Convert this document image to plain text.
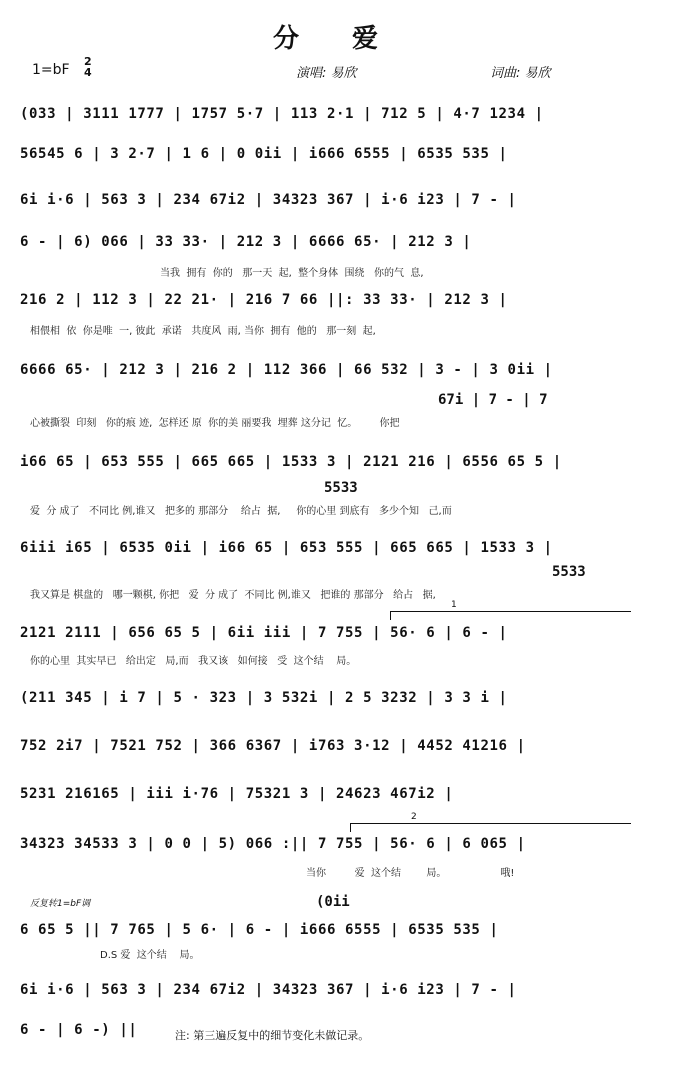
分 爱
1=bF
2
4	演唱: 易欣	词曲: 易欣
(033 | 3111 1777 | 1757 5·7 | 113 2·1 | 712 5 | 4·7 1234 |
56545 6 | 3 2·7 | 1 6 | 0 0ii | i666 6555 | 6535 535 |
6i i·6 | 563 3 | 234 67i2 | 34323 367 | i·6 i23 | 7 - |
6 - | 6) 066 | 33 33· | 212 3 | 6666 65· | 212 3 |
当我  拥有  你的   那一天  起,  整个身体  围绕   你的气  息,
216 2 | 112 3 | 22 21· | 216 7 66 ||: 33 33· | 212 3 |
相偎相  依  你是唯  一, 彼此  承诺   共度风  雨, 当你  拥有  他的   那一刻  起,
6666 65· | 212 3 | 216 2 | 112 366 | 66 532 | 3 - | 3 0ii |
67i | 7 - | 7
心被撕裂  印刻   你的痕 迹,  怎样还 原  你的美 丽要我  埋葬 这分记  忆。       你把
i66 65 | 653 555 | 665 665 | 1533 3 | 2121 216 | 6556 65 5 |
5533
爱  分 成了   不同比 例,谁又   把多的 那部分    给占  据,     你的心里 到底有   多少个知   己,而
6iii i65 | 6535 0ii | i66 65 | 653 555 | 665 665 | 1533 3 |
5533
我又算是 棋盘的   哪一颗棋, 你把   爱  分 成了  不同比 例,谁又   把谁的 那部分   给占   据,
1
2121 2111 | 656 65 5 | 6ii iii | 7 755 | 56· 6 | 6 - |
你的心里  其实早已   给出定   局,而   我又该   如何接   受  这个结    局。
(211 345 | i 7 | 5 · 323 | 3 532i | 2 5 3232 | 3 3 i |
752 2i7 | 7521 752 | 366 6367 | i763 3·12 | 4452 41216 |
5231 216165 | iii i·76 | 75321 3 | 24623 467i2 |
2
34323 34533 3 | 0 0 | 5) 066 :|| 7 755 | 56· 6 | 6 065 |
当你         爱  这个结        局。                 哦!
反复转1=bF调	(0ii
6 65 5 || 7 765 | 5 6· | 6 - | i666 6555 | 6535 535 |
D.S 爱  这个结    局。
6i i·6 | 563 3 | 234 67i2 | 34323 367 | i·6 i23 | 7 - |
6 - | 6 -) ||	注: 第三遍反复中的细节变化未做记录。
